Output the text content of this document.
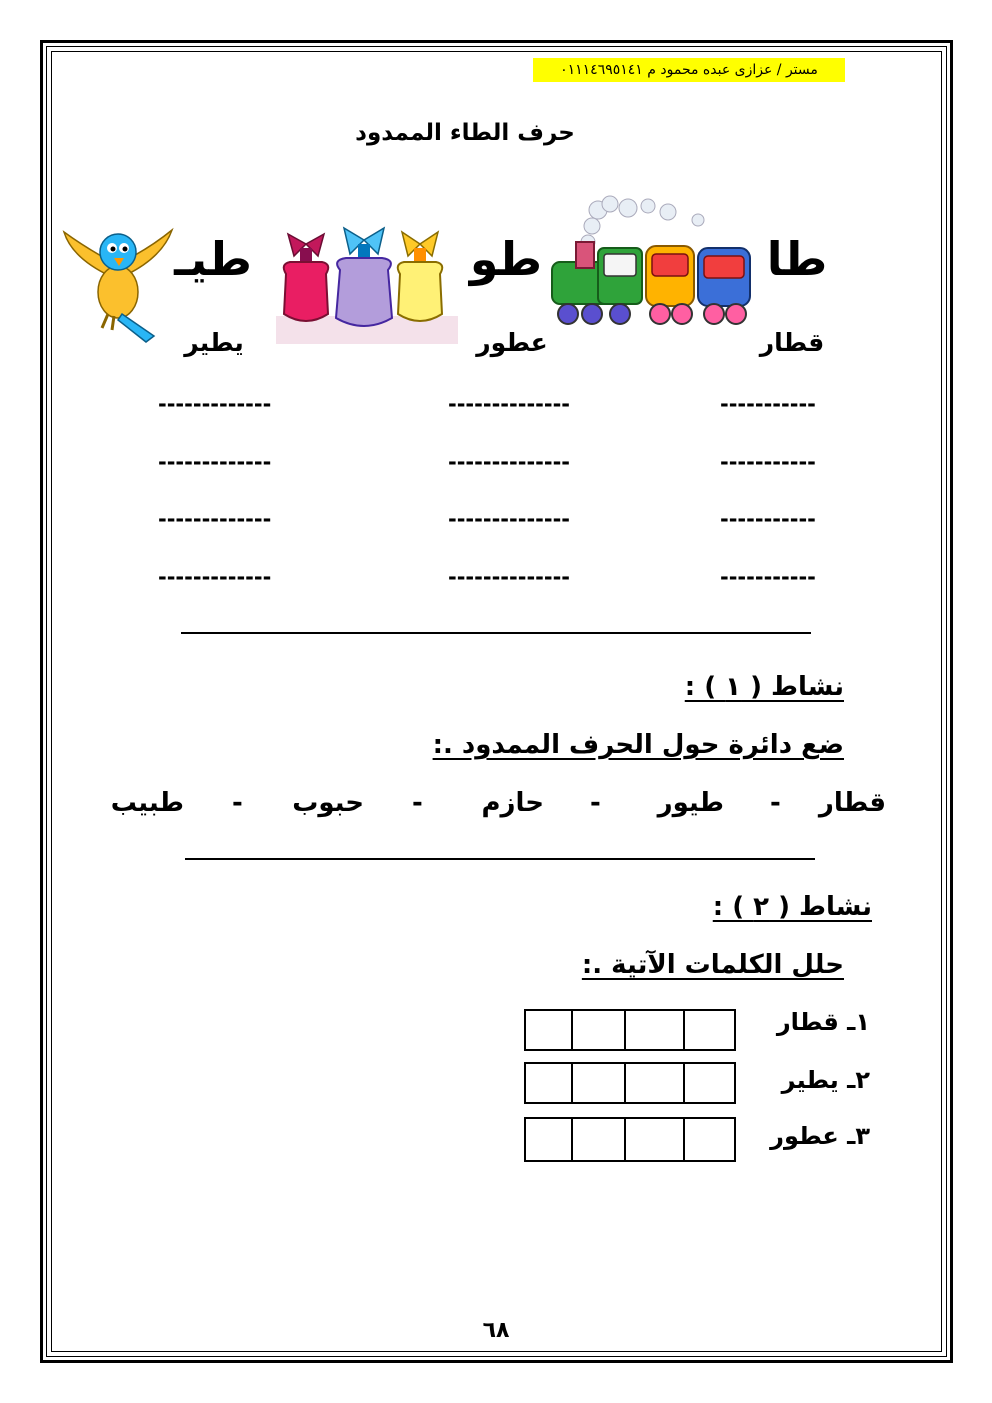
مستر / عزازى عبده محمود م ٠١١١٤٦٩٥١٤١
حرف الطاء الممدود
طا
طو
طيـ
قطار
عطور
يطير
-----------
--------------
-------------
-----------
--------------
-------------
-----------
--------------
-------------
-----------
--------------
-------------
نشاط ( ١ ) :
ضع دائرة حول الحرف الممدود .:
قطار
-
طيور
-
حازم
-
حبوب
-
طبيب
نشاط ( ٢ ) :
حلل الكلمات الآتية .:
١ـ قطار
٢ـ يطير
٣ـ عطور
٦٨
